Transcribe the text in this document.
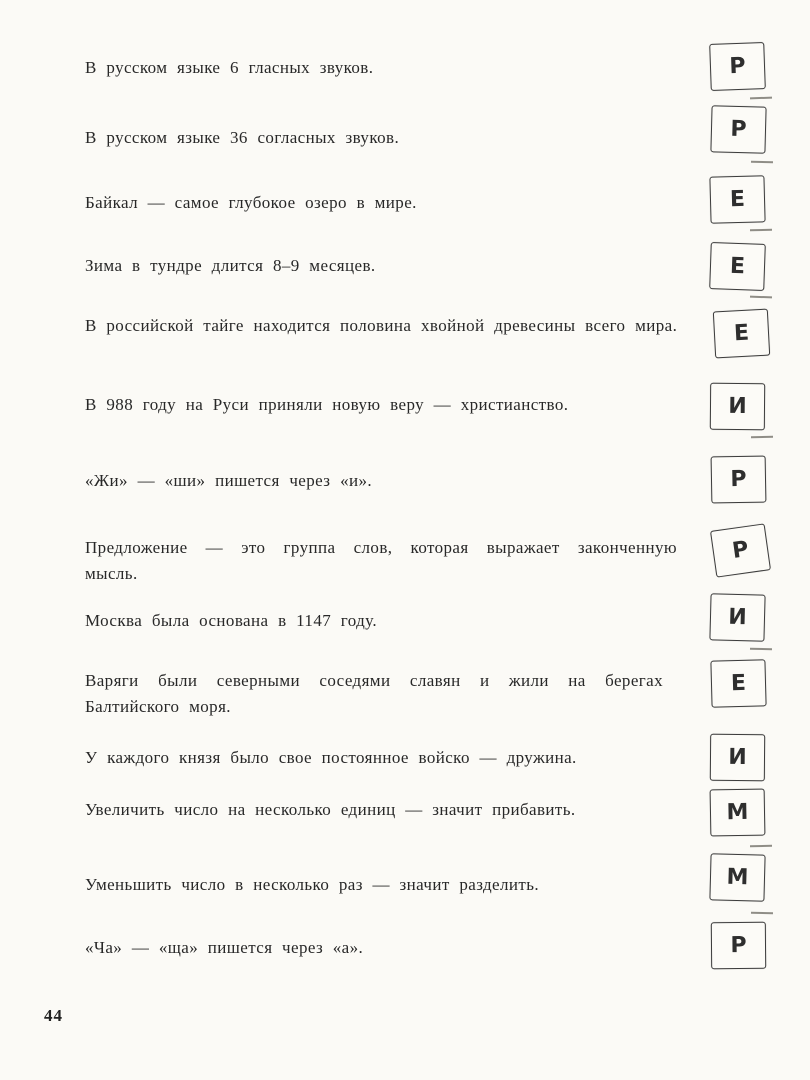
В русском языке 6 гласных звуков.

В русском языке 36 согласных звуков.

Байкал — самое глубокое озеро в мире.

Зима в тундре длится 8–9 месяцев.

В российской тайге находится половина хвойной древесины всего мира.

В 988 году на Руси приняли новую веру — христианство.

«Жи» — «ши» пишется через «и».

Предложение — это группа слов, которая выражает законченную мысль.

Москва была основана в 1147 году.

Варяги были северными соседями славян и жили на берегах Балтийского моря.

У каждого князя было свое постоянное войско — дружина.

Увеличить число на несколько единиц — значит прибавить.

Уменьшить число в несколько раз — значит разделить.

«Ча» — «ща» пишется через «а».

Р
Р
Е
Е
Е
И
Р
Р
И
Е
И
М
М
Р
44
